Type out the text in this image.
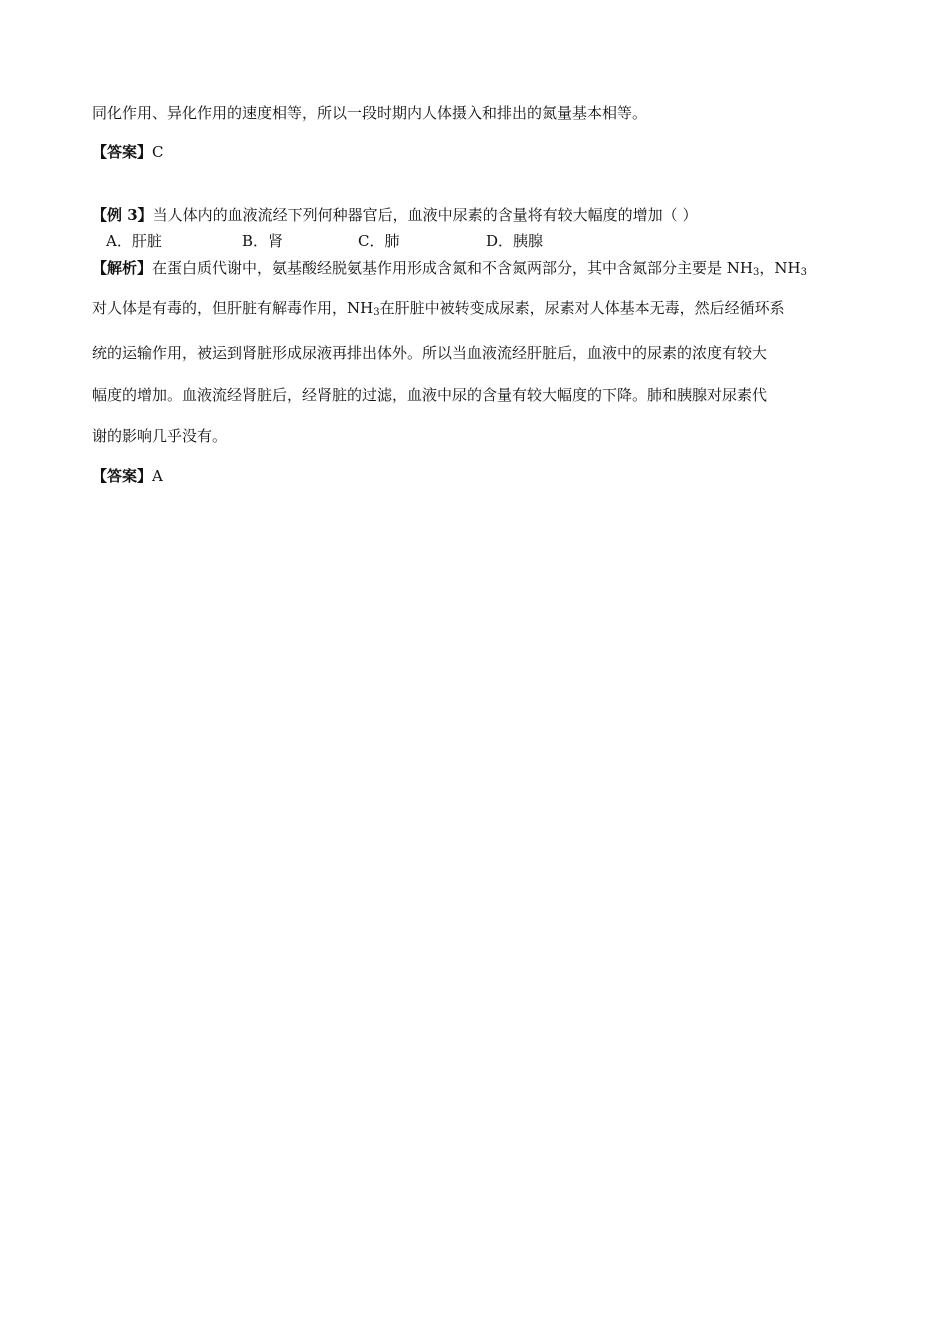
同化作用、异化作用的速度相等，所以一段时期内人体摄入和排出的氮量基本相等。
【答案】C
【例 3】当人体内的血液流经下列何种器官后，血液中尿素的含量将有较大幅度的增加（ ）
A．肝脏	B．肾	C．肺	D．胰腺
【解析】在蛋白质代谢中，氨基酸经脱氨基作用形成含氮和不含氮两部分，其中含氮部分主要是 $NH_3$，$NH_3$
对人体是有毒的，但肝脏有解毒作用，$NH_3$在肝脏中被转变成尿素，尿素对人体基本无毒，然后经循环系
统的运输作用，被运到肾脏形成尿液再排出体外。所以当血液流经肝脏后，血液中的尿素的浓度有较大
幅度的增加。血液流经肾脏后，经肾脏的过滤，血液中尿的含量有较大幅度的下降。肺和胰腺对尿素代
谢的影响几乎没有。
【答案】A
